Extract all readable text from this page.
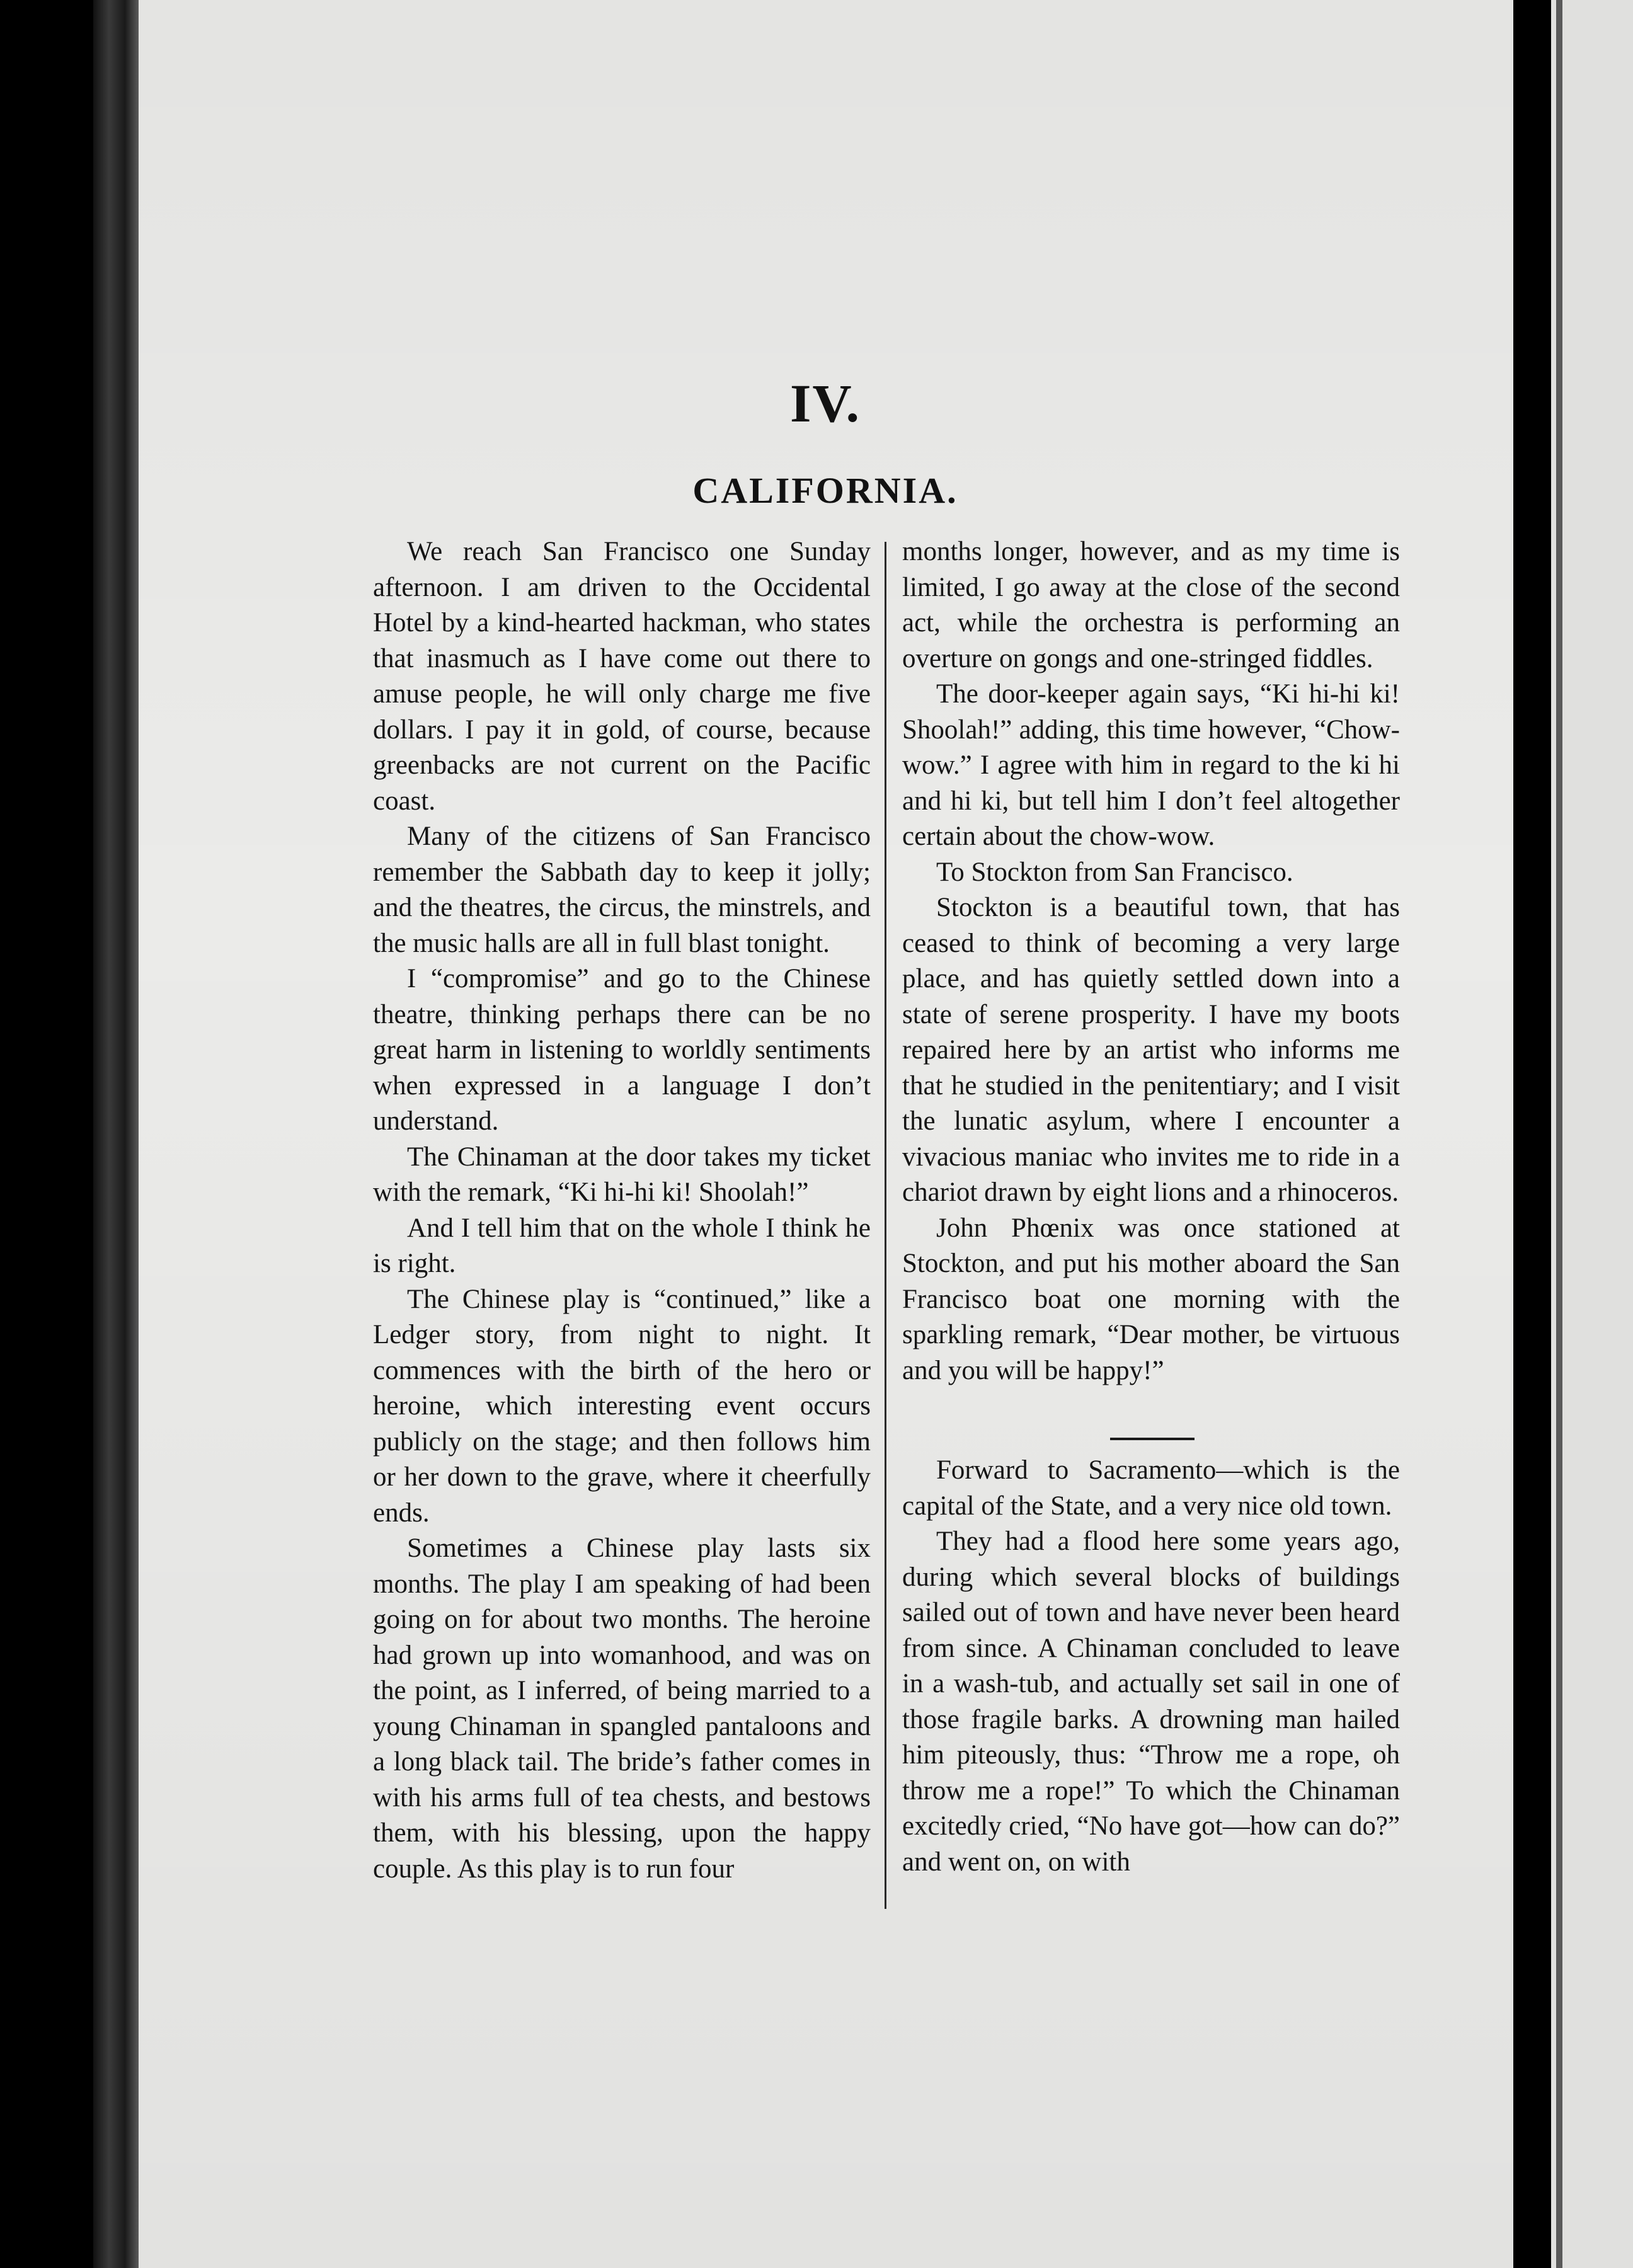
IV.
CALIFORNIA.

We reach San Francisco one Sunday afternoon. I am driven to the Occidental Hotel by a kind-hearted hackman, who states that inasmuch as I have come out there to amuse people, he will only charge me five dollars. I pay it in gold, of course, because greenbacks are not current on the Pacific coast.

Many of the citizens of San Francisco remember the Sabbath day to keep it jolly; and the theatres, the circus, the minstrels, and the music halls are all in full blast tonight.

I “compromise” and go to the Chinese theatre, thinking perhaps there can be no great harm in listening to worldly sentiments when expressed in a language I don’t understand.

The Chinaman at the door takes my ticket with the remark, “Ki hi-hi ki! Shoolah!”

And I tell him that on the whole I think he is right.

The Chinese play is “continued,” like a Ledger story, from night to night. It commences with the birth of the hero or heroine, which interesting event occurs publicly on the stage; and then follows him or her down to the grave, where it cheerfully ends.

Sometimes a Chinese play lasts six months. The play I am speaking of had been going on for about two months. The heroine had grown up into womanhood, and was on the point, as I inferred, of being married to a young Chinaman in spangled pantaloons and a long black tail. The bride’s father comes in with his arms full of tea chests, and bestows them, with his blessing, upon the happy couple. As this play is to run four

months longer, however, and as my time is limited, I go away at the close of the second act, while the orchestra is performing an overture on gongs and one-stringed fiddles.

The door-keeper again says, “Ki hi-hi ki! Shoolah!” adding, this time however, “Chow-wow.” I agree with him in regard to the ki hi and hi ki, but tell him I don’t feel altogether certain about the chow-wow.

To Stockton from San Francisco.

Stockton is a beautiful town, that has ceased to think of becoming a very large place, and has quietly settled down into a state of serene prosperity. I have my boots repaired here by an artist who informs me that he studied in the penitentiary; and I visit the lunatic asylum, where I encounter a vivacious maniac who invites me to ride in a chariot drawn by eight lions and a rhinoceros.

John Phœnix was once stationed at Stockton, and put his mother aboard the San Francisco boat one morning with the sparkling remark, “Dear mother, be virtuous and you will be happy!”

Forward to Sacramento—which is the capital of the State, and a very nice old town.

They had a flood here some years ago, during which several blocks of buildings sailed out of town and have never been heard from since. A Chinaman concluded to leave in a wash-tub, and actually set sail in one of those fragile barks. A drowning man hailed him piteously, thus: “Throw me a rope, oh throw me a rope!” To which the Chinaman excitedly cried, “No have got—how can do?” and went on, on with
